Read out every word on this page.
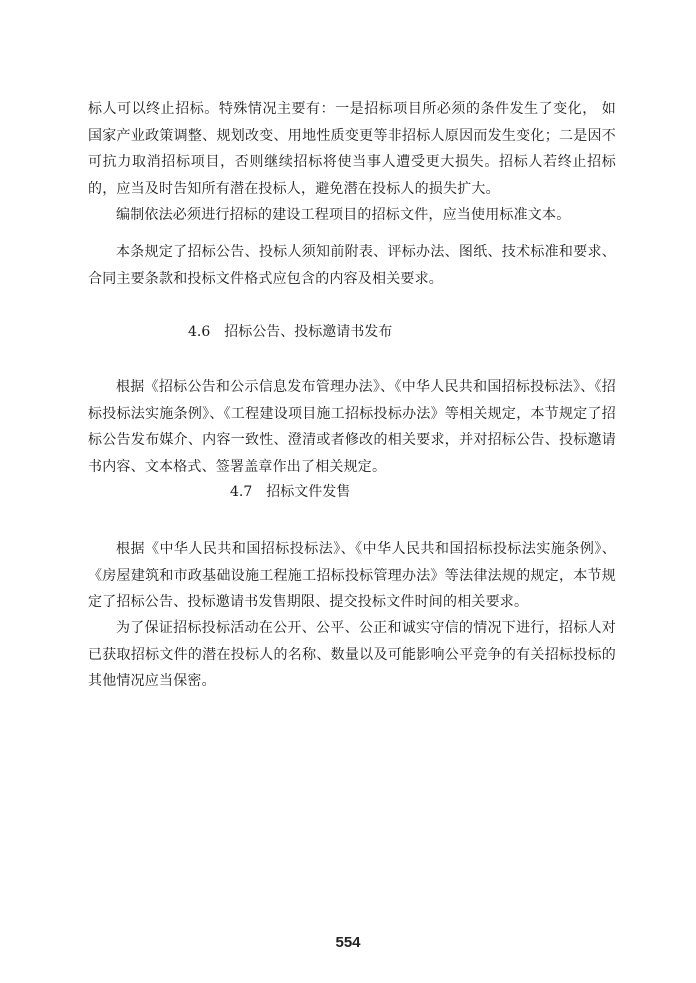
标人可以终止招标。特殊情况主要有：一是招标项目所必须的条件发生了变化， 如国家产业政策调整、规划改变、用地性质变更等非招标人原因而发生变化；二是因不可抗力取消招标项目，否则继续招标将使当事人遭受更大损失。招标人若终止招标的，应当及时告知所有潜在投标人，避免潜在投标人的损失扩大。

编制依法必须进行招标的建设工程项目的招标文件，应当使用标准文本。

本条规定了招标公告、投标人须知前附表、评标办法、图纸、技术标准和要求、合同主要条款和投标文件格式应包含的内容及相关要求。

4.6 招标公告、投标邀请书发布

根据《招标公告和公示信息发布管理办法》、《中华人民共和国招标投标法》、《招标投标法实施条例》、《工程建设项目施工招标投标办法》等相关规定，本节规定了招标公告发布媒介、内容一致性、澄清或者修改的相关要求，并对招标公告、投标邀请书内容、文本格式、签署盖章作出了相关规定。

4.7 招标文件发售

根据《中华人民共和国招标投标法》、《中华人民共和国招标投标法实施条例》、《房屋建筑和市政基础设施工程施工招标投标管理办法》等法律法规的规定，本节规定了招标公告、投标邀请书发售期限、提交投标文件时间的相关要求。

为了保证招标投标活动在公开、公平、公正和诚实守信的情况下进行，招标人对已获取招标文件的潜在投标人的名称、数量以及可能影响公平竞争的有关招标投标的其他情况应当保密。

554
